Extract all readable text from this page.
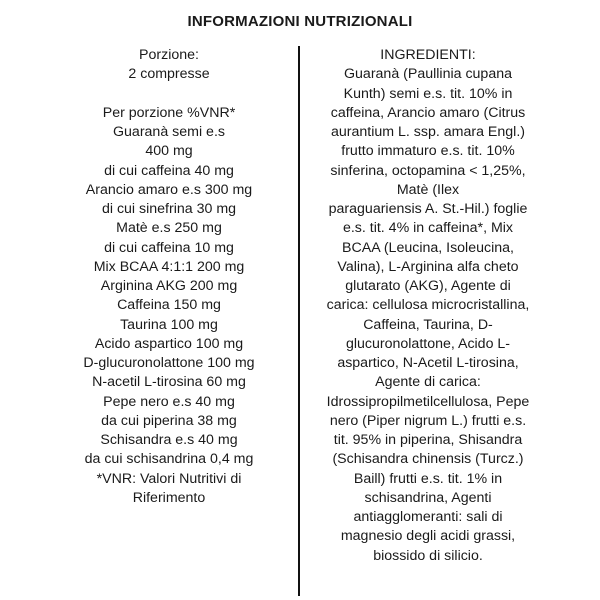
INFORMAZIONI NUTRIZIONALI
Porzione:
2 compresse
Per porzione %VNR*
Guaranà semi e.s
400 mg
di cui caffeina 40 mg
Arancio amaro e.s 300 mg
di cui sinefrina 30 mg
Matè e.s 250 mg
di cui caffeina 10 mg
Mix BCAA 4:1:1 200 mg
Arginina AKG 200 mg
Caffeina 150 mg
Taurina 100 mg
Acido aspartico 100 mg
D-glucuronolattone 100 mg
N-acetil L-tirosina 60 mg
Pepe nero e.s 40 mg
da cui piperina 38 mg
Schisandra e.s 40 mg
da cui schisandrina 0,4 mg
*VNR: Valori Nutritivi di
Riferimento
INGREDIENTI:
Guaranà (Paullinia cupana
Kunth) semi e.s. tit. 10% in
caffeina, Arancio amaro (Citrus
aurantium L. ssp. amara Engl.)
frutto immaturo e.s. tit. 10%
sinferina, octopamina < 1,25%,
Matè (Ilex
paraguariensis A. St.-Hil.) foglie
e.s. tit. 4% in caffeina*, Mix
BCAA (Leucina, Isoleucina,
Valina), L-Arginina alfa cheto
glutarato (AKG), Agente di
carica: cellulosa microcristallina,
Caffeina, Taurina, D-
glucuronolattone, Acido L-
aspartico, N-Acetil L-tirosina,
Agente di carica:
Idrossipropilmetilcellulosa, Pepe
nero (Piper nigrum L.) frutti e.s.
tit. 95% in piperina, Shisandra
(Schisandra chinensis (Turcz.)
Baill) frutti e.s. tit. 1% in
schisandrina, Agenti
antiagglomeranti: sali di
magnesio degli acidi grassi,
biossido di silicio.
